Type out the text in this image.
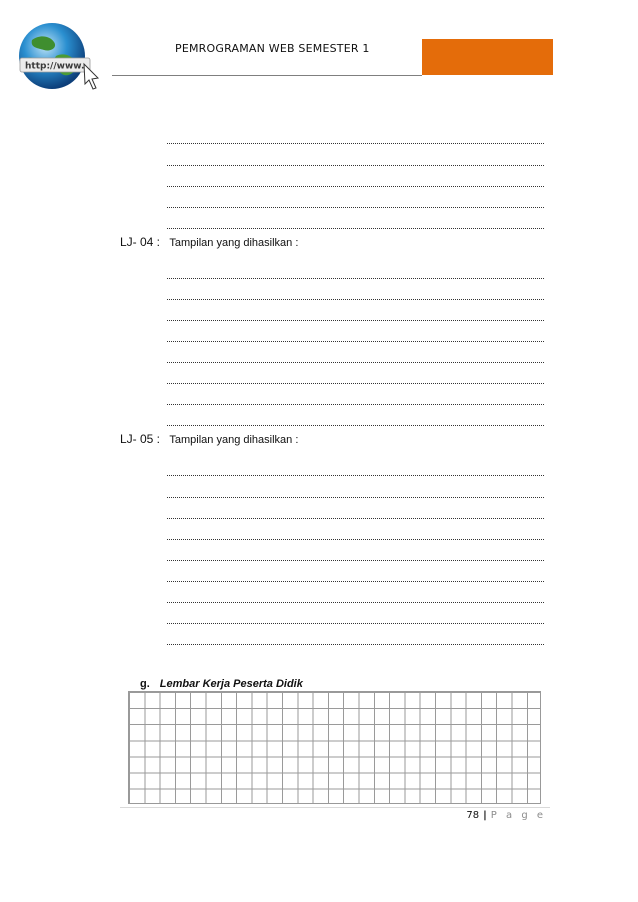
http://www.
PEMROGRAMAN WEB SEMESTER 1
LJ- 04 : Tampilan yang dihasilkan :
LJ- 05 : Tampilan yang dihasilkan :
g. Lembar Kerja Peserta Didik
78 | P a g e
